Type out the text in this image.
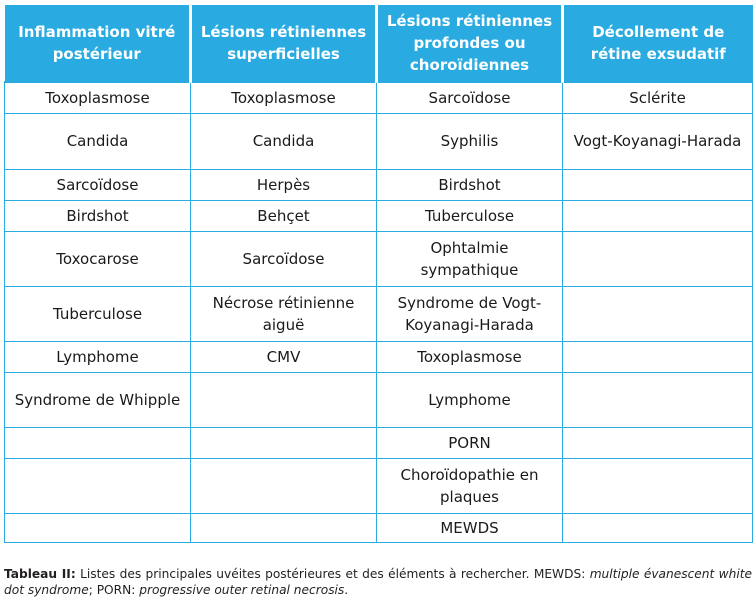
Inflammation vitré postérieur	Lésions rétiniennes superficielles	Lésions rétiniennes profondes ou choroïdiennes	Décollement de rétine exsudatif
Toxoplasmose	Toxoplasmose	Sarcoïdose	Sclérite
Candida	Candida	Syphilis	Vogt-Koyanagi-Harada
Sarcoïdose	Herpès	Birdshot	
Birdshot	Behçet	Tuberculose	
Toxocarose	Sarcoïdose	Ophtalmie sympathique	
Tuberculose	Nécrose rétinienne aiguë	Syndrome de Vogt-Koyanagi-Harada	
Lymphome	CMV	Toxoplasmose	
Syndrome de Whipple		Lymphome	
		PORN	
		Choroïdopathie en plaques	
		MEWDS	
Tableau II: Listes des principales uvéites postérieures et des éléments à rechercher. MEWDS: multiple évanescent white dot syndrome; PORN: progressive outer retinal necrosis.
